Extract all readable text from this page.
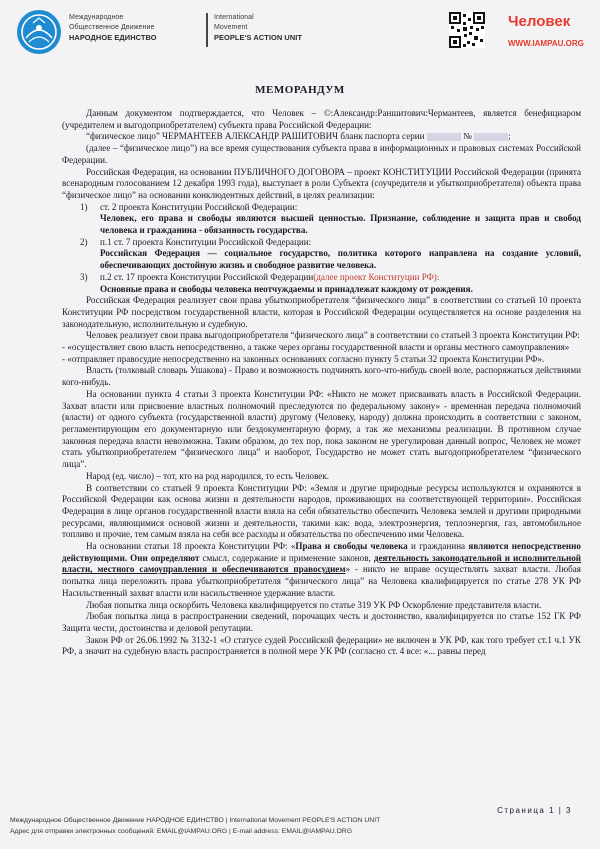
Международное
Общественное Движение
НАРОДНОЕ ЕДИНСТВО
International
Movement
PEOPLE'S ACTION UNIT
Человек
WWW.IAMPAU.ORG
МЕМОРАНДУМ

Данным документом подтверждается, что Человек – ©:Александр:Раншитович:Чермантеев, является бенефициаром (учредителем и выгодоприобретателем) субъекта права Российской Федерации:

“физическое лицо” ЧЕРМАНТЕЕВ АЛЕКСАНДР РАШИТОВИЧ бланк паспорта серии	№	;

(далее – “физическое лицо”) на все время существования субъекта права в информационных и правовых системах Российской Федерации.

Российская Федерация, на основании ПУБЛИЧНОГО ДОГОВОРА – проект КОНСТИТУЦИИ Российской Федерации (принята всенародным голосованием 12 декабря 1993 года), выступает в роли Субъекта (соучредителя и убыткоприобретателя) объекта права “физическое лицо” на основании конклюдентных действий, в целях реализации:

1) ст. 2 проекта Конституции Российской Федерации:

Человек, его права и свободы являются высшей ценностью. Признание, соблюдение и защита прав и свобод человека и гражданина - обязанность государства.

2) п.1 ст. 7 проекта Конституции Российской Федерации:

Российская Федерация — социальное государство, политика которого направлена на создание условий, обеспечивающих достойную жизнь и свободное развитие человека.

3) п.2 ст. 17 проекта Конституции Российской Федерации(далее проект Конституции РФ):

Основные права и свободы человека неотчуждаемы и принадлежат каждому от рождения.

Российская Федерация реализует свои права убыткоприобретателя “физического лица” в соответствии со статьей 10 проекта Конституции РФ посредством государственной власти, которая в Российской Федерации осуществляется на основе разделения на законодательную, исполнительную и судебную.

Человек реализует свои права выгодоприобретателя “физического лица” в соответствии со статьей 3 проекта Конституции РФ:

- «осуществляет свою власть непосредственно, а также через органы государственной власти и органы местного самоуправления»

- «отправляет правосудие непосредственно на законных основаниях согласно пункту 5 статьи 32 проекта Конституции РФ».

Власть (толковый словарь Ушакова) - Право и возможность подчинять кого-что-нибудь своей воле, распоряжаться действиями кого-нибудь.

На основании пункта 4 статьи 3 проекта Конституции РФ: «Никто не может присваивать власть в Российской Федерации. Захват власти или присвоение властных полномочий преследуются по федеральному закону» - временная передача полномочий (власти) от одного субъекта (государственной власти) другому (Человеку, народу) должна происходить в соответствии с законом, регламентирующим его документарную или бездокументарную форму, а так же механизмы реализации. В противном случае законная передача власти невозможна. Таким образом, до тех пор, пока законом не урегулирован данный вопрос, Человек не может стать убыткоприобретателем “физического лица” и наоборот, Государство не может стать выгодоприобретателем “физического лица”.

Народ (ед. число) – тот, кто на род народился, то есть Человек.

В соответствии со статьей 9 проекта Конституции РФ: «Земля и другие природные ресурсы используются и охраняются в Российской Федерации как основа жизни и деятельности народов, проживающих на соответствующей территории». Российская Федерация в лице органов государственной власти взяла на себя обязательство обеспечить Человека землей и другими природными ресурсами, являющимися основой жизни и деятельности, такими как: вода, электроэнергия, теплоэнергия, газ, автомобильное топливо и прочие, тем самым взяла на себя все расходы и обязательства по обеспечению ими Человека.

На основании статьи 18 проекта Конституции РФ: «Права и свободы человека и гражданина являются непосредственно действующими. Они определяют смысл, содержание и применение законов, деятельность законодательной и исполнительной власти, местного самоуправления и обеспечиваются правосудием» - никто не вправе осуществлять захват власти. Любая попытка лица переложить права убыткоприобретателя “физического лица” на Человека квалифицируется по статье 278 УК РФ Насильственный захват власти или насильственное удержание власти.

Любая попытка лица оскорбить Человека квалифицируется по статье 319 УК РФ Оскорбление представителя власти.

Любая попытка лица в распространении сведений, порочащих честь и достоинство, квалифицируется по статье 152 ГК РФ Защита чести, достоинства и деловой репутации.

Закон РФ от 26.06.1992 № 3132-1 «О статусе судей Российской федерации» не включен в УК РФ, как того требует ст.1 ч.1 УК РФ, а значит на судебную власть распространяется в полной мере УК РФ (согласно ст. 4 все: «... равны перед

Страница 1 | 3
Международное Общественное Движение НАРОДНОЕ ЕДИНСТВО | International Movement PEOPLE'S ACTION UNIT
Адрес для отправки электронных сообщений: EMAIL@IAMPAU.ORG | E-mail address: EMAIL@IAMPAU.ORG
